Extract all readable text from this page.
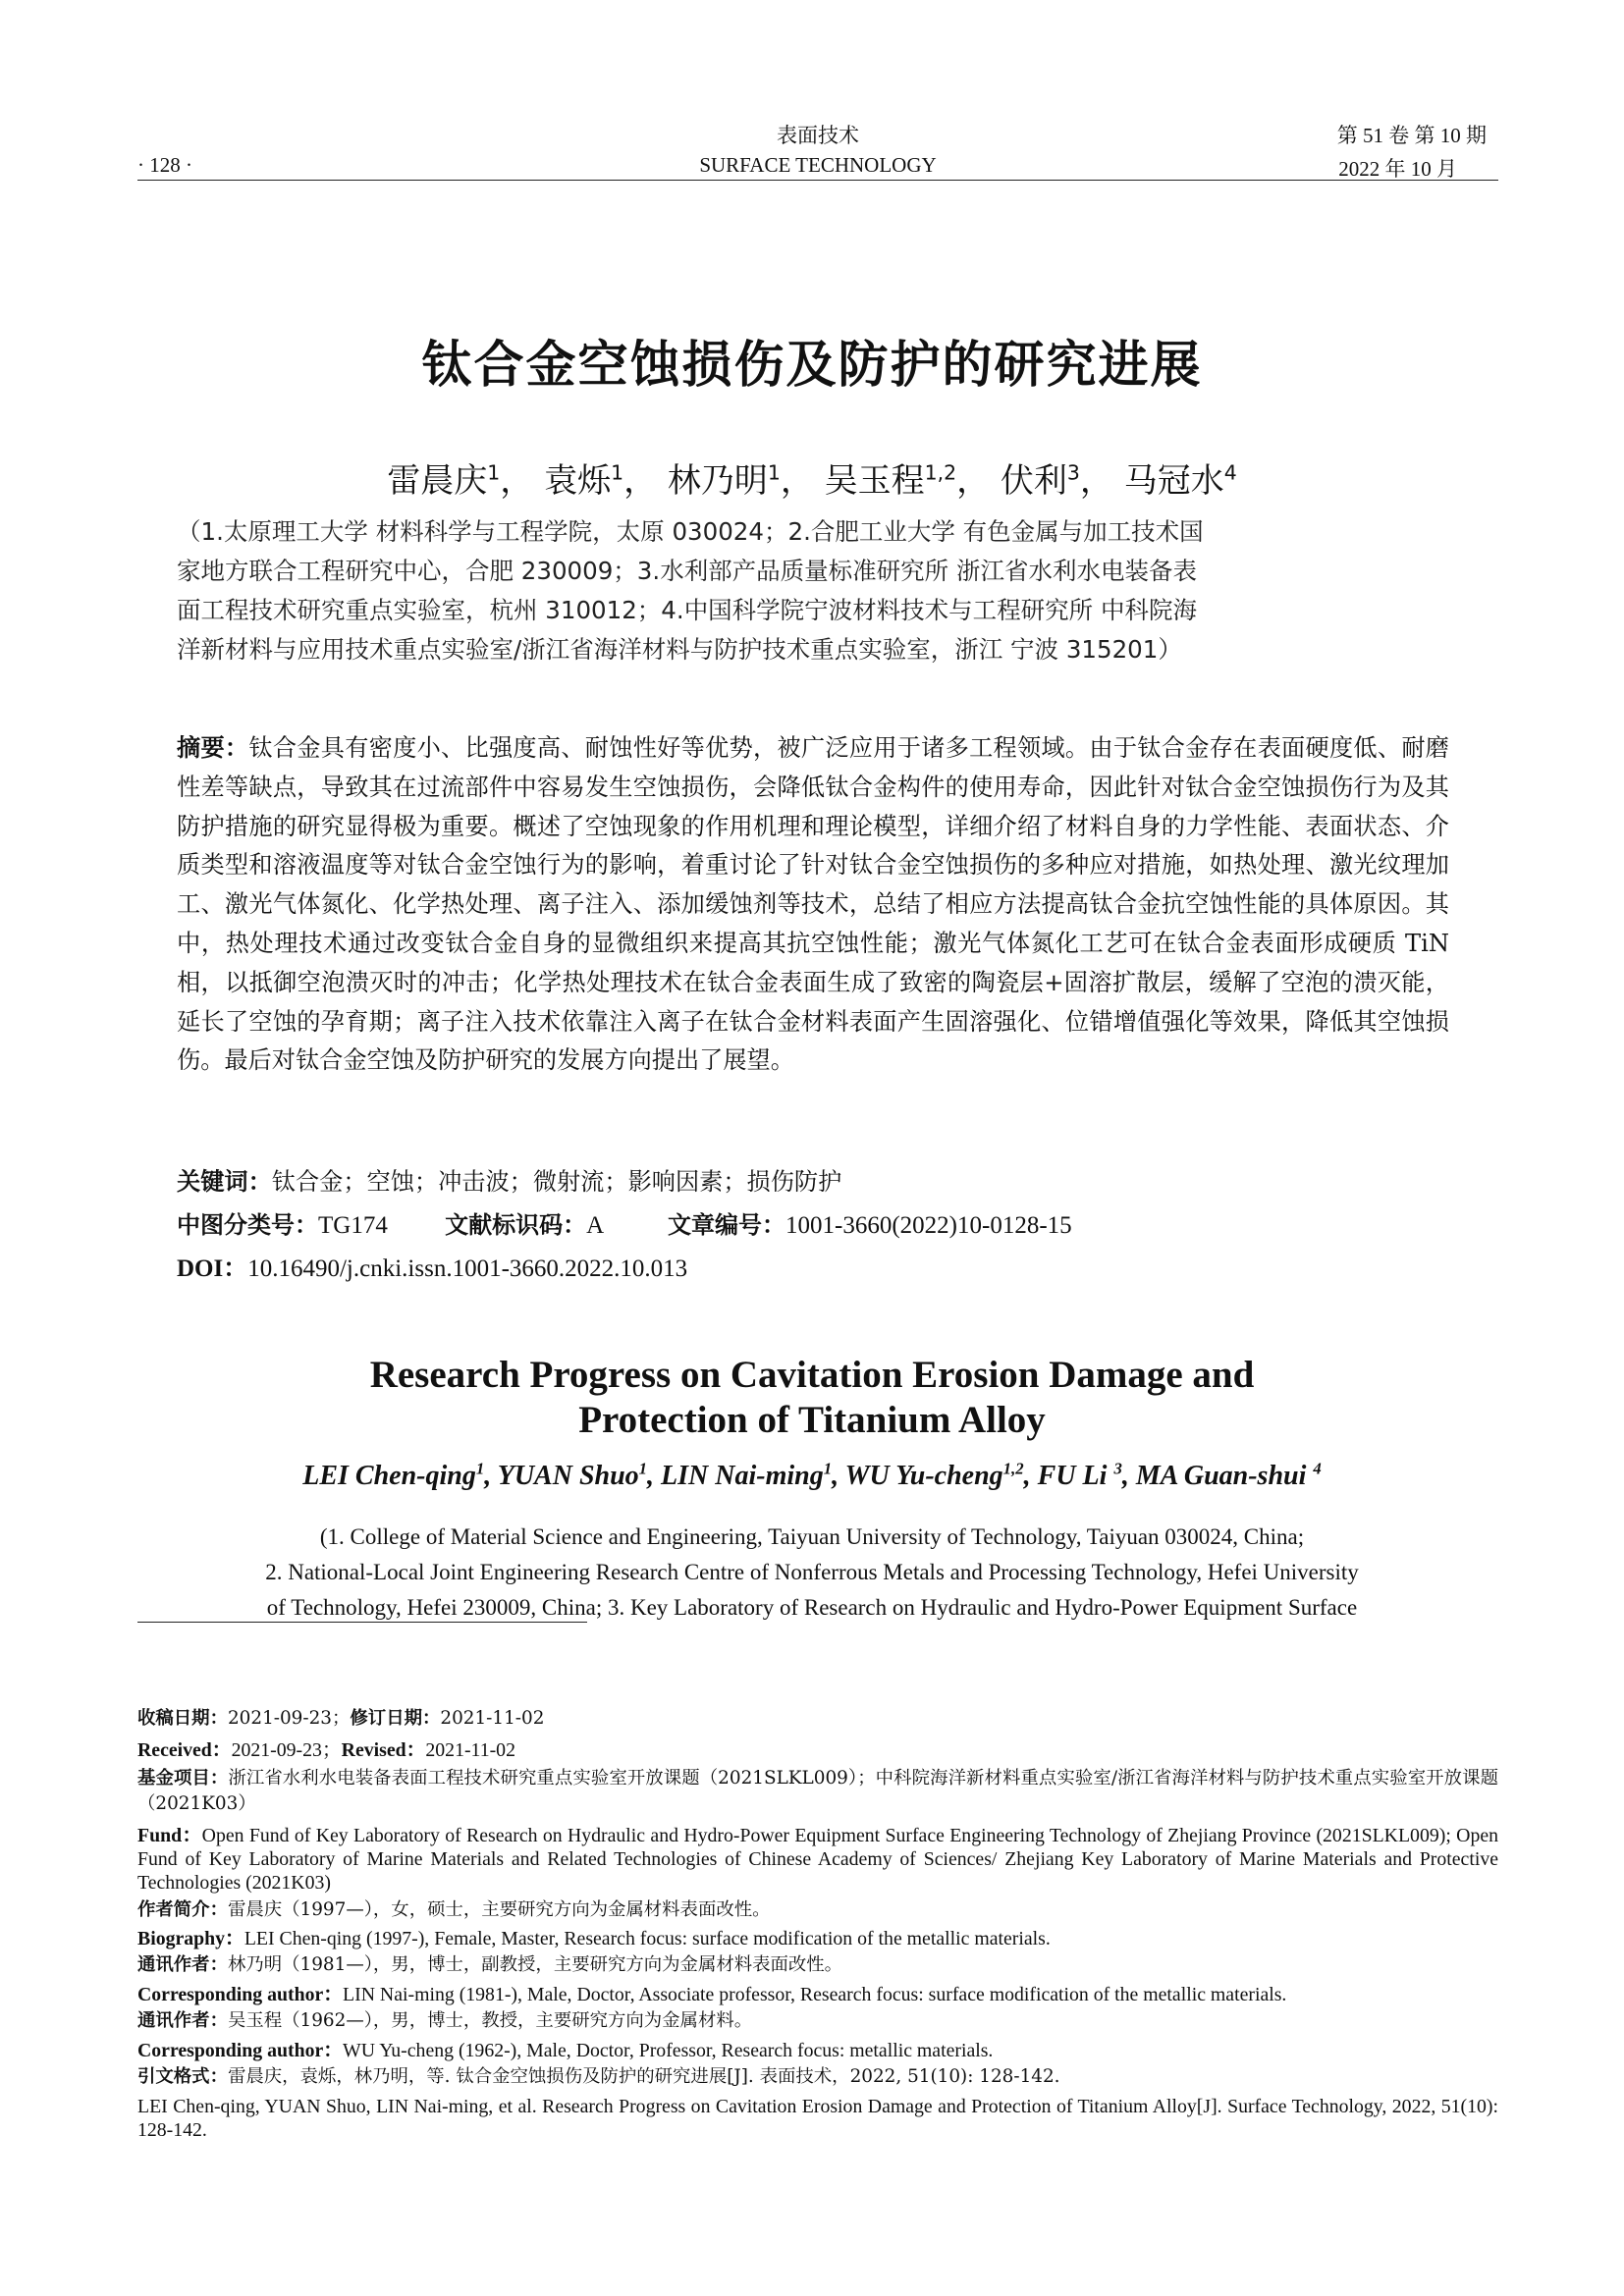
· 128 ·
表面技术
SURFACE TECHNOLOGY
第 51 卷 第 10 期
2022 年 10 月
钛合金空蚀损伤及防护的研究进展
雷晨庆$^1$， 袁烁$^1$， 林乃明$^1$， 吴玉程$^{1,2}$， 伏利$^3$， 马冠水$^4$
（1.太原理工大学 材料科学与工程学院，太原 030024；2.合肥工业大学 有色金属与加工技术国
家地方联合工程研究中心，合肥 230009；3.水利部产品质量标准研究所 浙江省水利水电装备表
面工程技术研究重点实验室，杭州 310012；4.中国科学院宁波材料技术与工程研究所 中科院海
洋新材料与应用技术重点实验室/浙江省海洋材料与防护技术重点实验室，浙江 宁波 315201）
摘要：钛合金具有密度小、比强度高、耐蚀性好等优势，被广泛应用于诸多工程领域。由于钛合金存在表面硬度低、耐磨性差等缺点，导致其在过流部件中容易发生空蚀损伤，会降低钛合金构件的使用寿命，因此针对钛合金空蚀损伤行为及其防护措施的研究显得极为重要。概述了空蚀现象的作用机理和理论模型，详细介绍了材料自身的力学性能、表面状态、介质类型和溶液温度等对钛合金空蚀行为的影响，着重讨论了针对钛合金空蚀损伤的多种应对措施，如热处理、激光纹理加工、激光气体氮化、化学热处理、离子注入、添加缓蚀剂等技术，总结了相应方法提高钛合金抗空蚀性能的具体原因。其中，热处理技术通过改变钛合金自身的显微组织来提高其抗空蚀性能；激光气体氮化工艺可在钛合金表面形成硬质 TiN 相，以抵御空泡溃灭时的冲击；化学热处理技术在钛合金表面生成了致密的陶瓷层+固溶扩散层，缓解了空泡的溃灭能，延长了空蚀的孕育期；离子注入技术依靠注入离子在钛合金材料表面产生固溶强化、位错增值强化等效果，降低其空蚀损伤。最后对钛合金空蚀及防护研究的发展方向提出了展望。
关键词：钛合金；空蚀；冲击波；微射流；影响因素；损伤防护
中图分类号：TG174 文献标识码：A	文章编号：1001-3660(2022)10-0128-15
DOI：10.16490/j.cnki.issn.1001-3660.2022.10.013
Research Progress on Cavitation Erosion Damage and
Protection of Titanium Alloy
LEI Chen-qing$^1$, YUAN Shuo$^1$, LIN Nai-ming$^1$, WU Yu-cheng$^{1,2}$, FU Li $^3$, MA Guan-shui $^4$
(1. College of Material Science and Engineering, Taiyuan University of Technology, Taiyuan 030024, China;
2. National-Local Joint Engineering Research Centre of Nonferrous Metals and Processing Technology, Hefei University
of Technology, Hefei 230009, China; 3. Key Laboratory of Research on Hydraulic and Hydro-Power Equipment Surface
收稿日期：2021-09-23；修订日期：2021-11-02
Received：2021-09-23；Revised：2021-11-02
基金项目：浙江省水利水电装备表面工程技术研究重点实验室开放课题（2021SLKL009）；中科院海洋新材料重点实验室/浙江省海洋材料与防护技术重点实验室开放课题（2021K03）
Fund：Open Fund of Key Laboratory of Research on Hydraulic and Hydro-Power Equipment Surface Engineering Technology of Zhejiang Province (2021SLKL009); Open Fund of Key Laboratory of Marine Materials and Related Technologies of Chinese Academy of Sciences/ Zhejiang Key Laboratory of Marine Materials and Protective Technologies (2021K03)
作者简介：雷晨庆（1997—），女，硕士，主要研究方向为金属材料表面改性。
Biography：LEI Chen-qing (1997-), Female, Master, Research focus: surface modification of the metallic materials.
通讯作者：林乃明（1981—），男，博士，副教授，主要研究方向为金属材料表面改性。
Corresponding author：LIN Nai-ming (1981-), Male, Doctor, Associate professor, Research focus: surface modification of the metallic materials.
通讯作者：吴玉程（1962—），男，博士，教授，主要研究方向为金属材料。
Corresponding author：WU Yu-cheng (1962-), Male, Doctor, Professor, Research focus: metallic materials.
引文格式：雷晨庆，袁烁，林乃明，等. 钛合金空蚀损伤及防护的研究进展[J]. 表面技术，2022, 51(10): 128-142.
LEI Chen-qing, YUAN Shuo, LIN Nai-ming, et al. Research Progress on Cavitation Erosion Damage and Protection of Titanium Alloy[J]. Surface Technology, 2022, 51(10): 128-142.
